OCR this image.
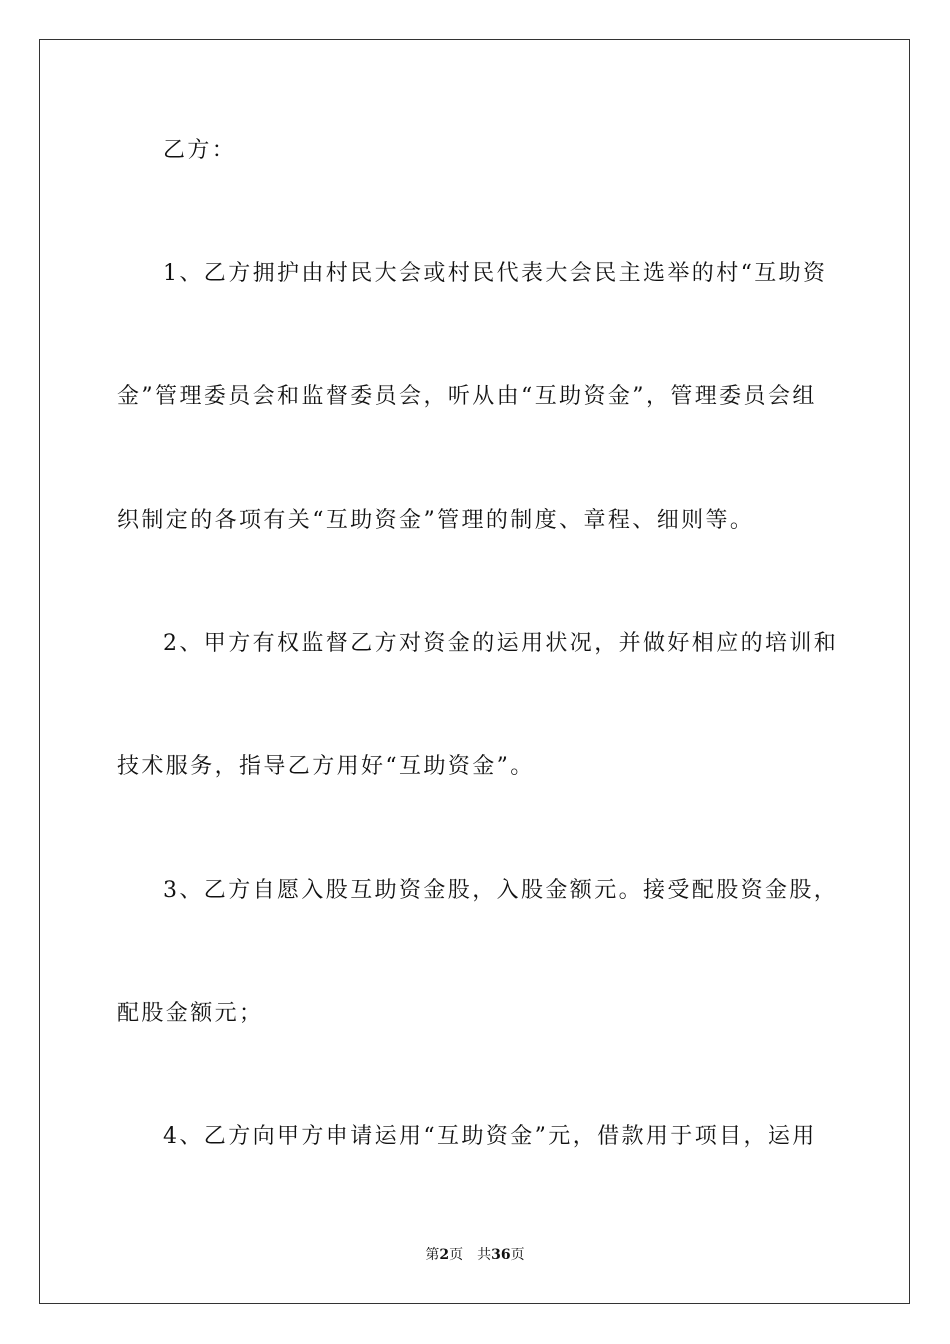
乙方：
1、乙方拥护由村民大会或村民代表大会民主选举的村“互助资
金”管理委员会和监督委员会，听从由“互助资金”，管理委员会组
织制定的各项有关“互助资金”管理的制度、章程、细则等。
2、甲方有权监督乙方对资金的运用状况，并做好相应的培训和
技术服务，指导乙方用好“互助资金”。
3、乙方自愿入股互助资金股，入股金额元。接受配股资金股，
配股金额元；
4、乙方向甲方申请运用“互助资金”元，借款用于项目，运用
第2页 共36页
